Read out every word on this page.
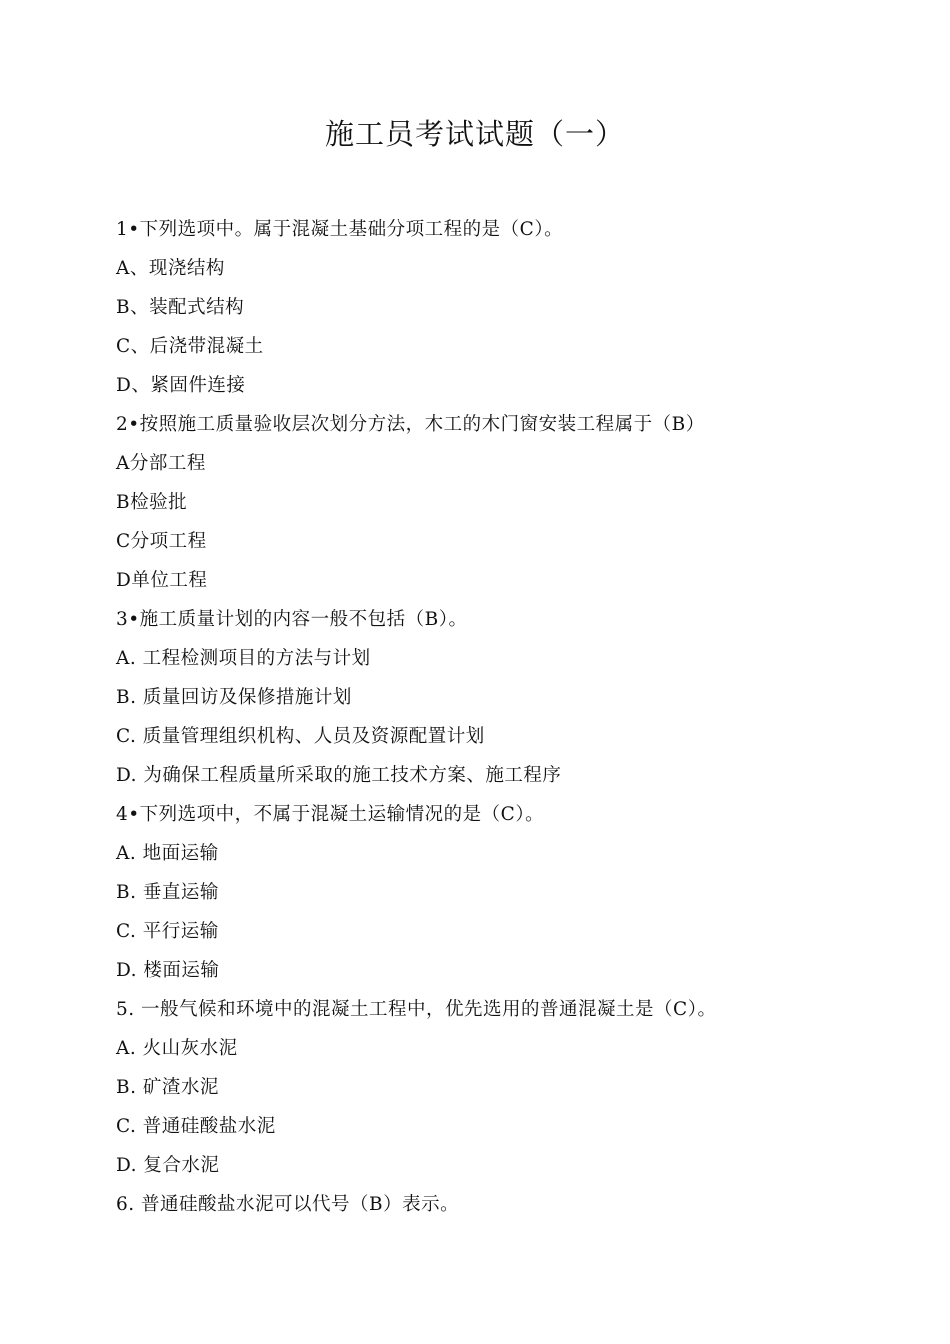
施工员考试试题（一）
1•下列选项中。属于混凝土基础分项工程的是（C）。
A、现浇结构
B、装配式结构
C、后浇带混凝土
D、紧固件连接
2•按照施工质量验收层次划分方法，木工的木门窗安装工程属于（B）
A分部工程
B检验批
C分项工程
D单位工程
3•施工质量计划的内容一般不包括（B）。
A. 工程检测项目的方法与计划
B. 质量回访及保修措施计划
C. 质量管理组织机构、人员及资源配置计划
D. 为确保工程质量所采取的施工技术方案、施工程序
4•下列选项中，不属于混凝土运输情况的是（C）。
A. 地面运输
B. 垂直运输
C. 平行运输
D. 楼面运输
5. 一般气候和环境中的混凝土工程中，优先选用的普通混凝土是（C）。
A. 火山灰水泥
B. 矿渣水泥
C. 普通硅酸盐水泥
D. 复合水泥
6. 普通硅酸盐水泥可以代号（B）表示。
